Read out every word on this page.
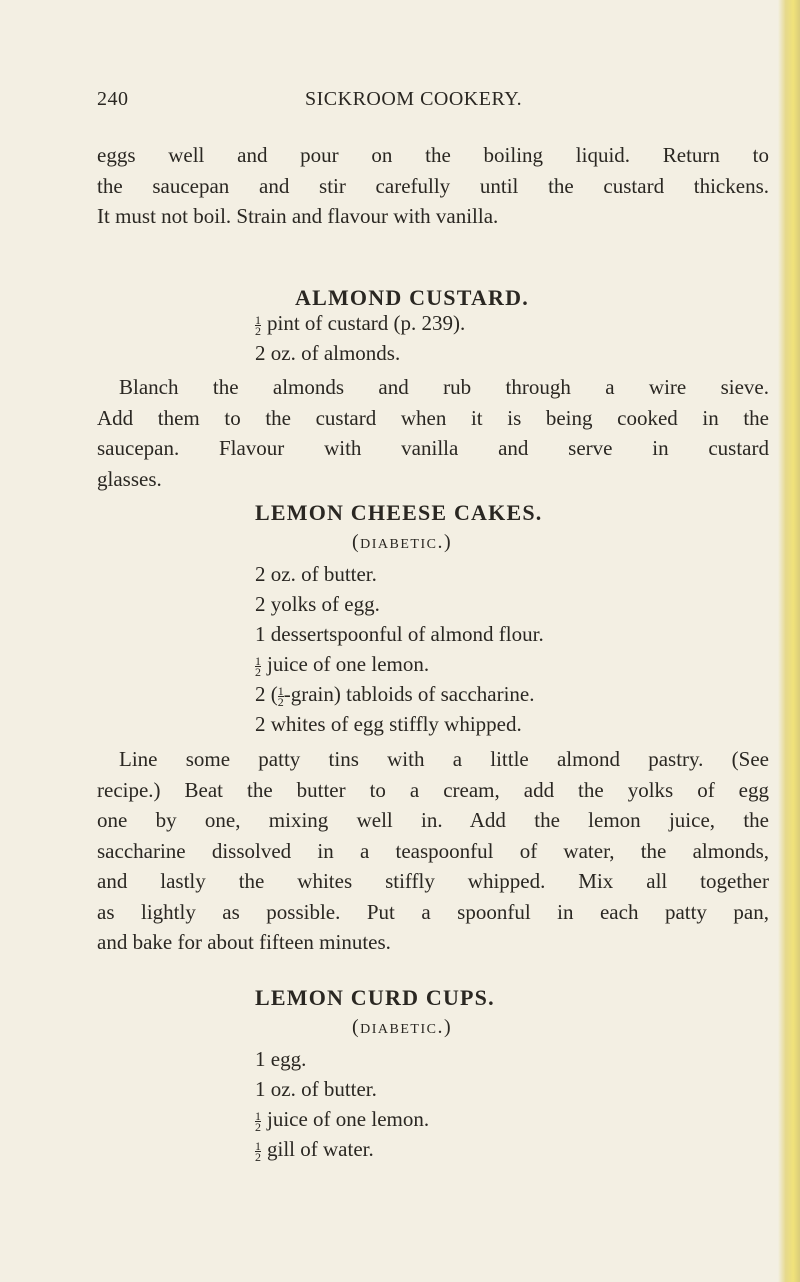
240	SICKROOM COOKERY.
eggs well and pour on the boiling liquid. Return to
the saucepan and stir carefully until the custard thickens.
It must not boil. Strain and flavour with vanilla.
ALMOND CUSTARD.
$\frac{1}{2}$ pint of custard (p. 239).
2 oz. of almonds.
Blanch the almonds and rub through a wire sieve.
Add them to the custard when it is being cooked in the
saucepan. Flavour with vanilla and serve in custard
glasses.
LEMON CHEESE CAKES.
(diabetic.)
2 oz. of butter.
2 yolks of egg.
1 dessertspoonful of almond flour.
$\frac{1}{2}$ juice of one lemon.
2 ( $\frac{1}{2}$ -grain) tabloids of saccharine.
2 whites of egg stiffly whipped.
Line some patty tins with a little almond pastry. (See
recipe.) Beat the butter to a cream, add the yolks of egg
one by one, mixing well in. Add the lemon juice, the
saccharine dissolved in a teaspoonful of water, the almonds,
and lastly the whites stiffly whipped. Mix all together
as lightly as possible. Put a spoonful in each patty pan,
and bake for about fifteen minutes.
LEMON CURD CUPS.
(diabetic.)
1 egg.
1 oz. of butter.
$\frac{1}{2}$ juice of one lemon.
$\frac{1}{2}$ gill of water.
